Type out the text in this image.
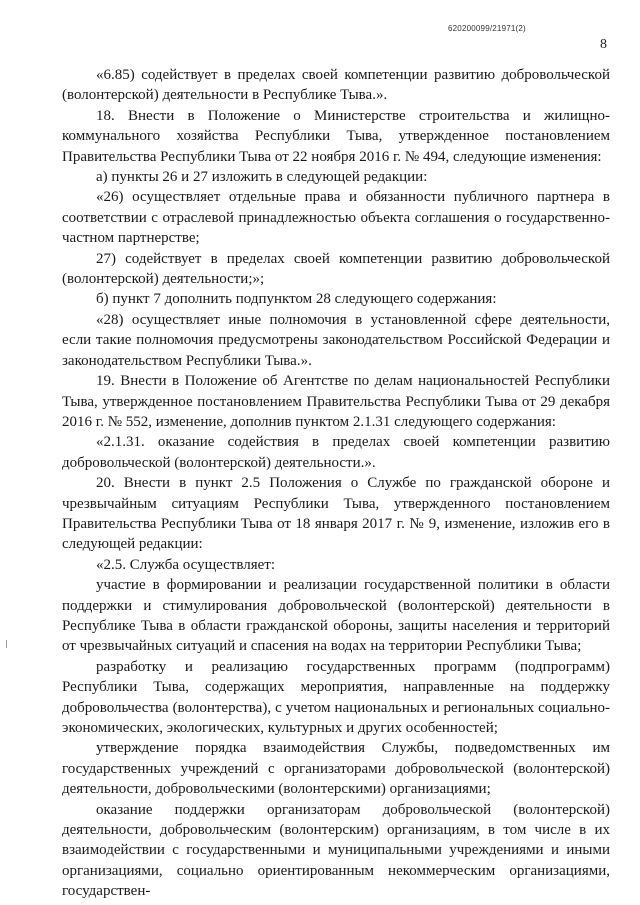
620200099/21971(2)
8

«6.85) содействует в пределах своей компетенции развитию добровольческой (волонтерской) деятельности в Республике Тыва.».

18. Внести в Положение о Министерстве строительства и жилищно-коммунального хозяйства Республики Тыва, утвержденное постановлением Правительства Республики Тыва от 22 ноября 2016 г. № 494, следующие изменения:

а) пункты 26 и 27 изложить в следующей редакции:

«26) осуществляет отдельные права и обязанности публичного партнера в соответствии с отраслевой принадлежностью объекта соглашения о государственно-частном партнерстве;

27) содействует в пределах своей компетенции развитию добровольческой (волонтерской) деятельности;»;

б) пункт 7 дополнить подпунктом 28 следующего содержания:

«28) осуществляет иные полномочия в установленной сфере деятельности, если такие полномочия предусмотрены законодательством Российской Федерации и законодательством Республики Тыва.».

19. Внести в Положение об Агентстве по делам национальностей Республики Тыва, утвержденное постановлением Правительства Республики Тыва от 29 декабря 2016 г. № 552, изменение, дополнив пунктом 2.1.31 следующего содержания:

«2.1.31. оказание содействия в пределах своей компетенции развитию добровольческой (волонтерской) деятельности.».

20. Внести в пункт 2.5 Положения о Службе по гражданской обороне и чрезвычайным ситуациям Республики Тыва, утвержденного постановлением Правительства Республики Тыва от 18 января 2017 г. № 9, изменение, изложив его в следующей редакции:

«2.5. Служба осуществляет:

участие в формировании и реализации государственной политики в области поддержки и стимулирования добровольческой (волонтерской) деятельности в Республике Тыва в области гражданской обороны, защиты населения и территорий от чрезвычайных ситуаций и спасения на водах на территории Республики Тыва;

разработку и реализацию государственных программ (подпрограмм) Республики Тыва, содержащих мероприятия, направленные на поддержку добровольчества (волонтерства), с учетом национальных и региональных социально-экономических, экологических, культурных и других особенностей;

утверждение порядка взаимодействия Службы, подведомственных им государственных учреждений с организаторами добровольческой (волонтерской) деятельности, добровольческими (волонтерскими) организациями;

оказание поддержки организаторам добровольческой (волонтерской) деятельности, добровольческим (волонтерским) организациям, в том числе в их взаимодействии с государственными и муниципальными учреждениями и иными организациями, социально ориентированным некоммерческим организациями, государствен-
